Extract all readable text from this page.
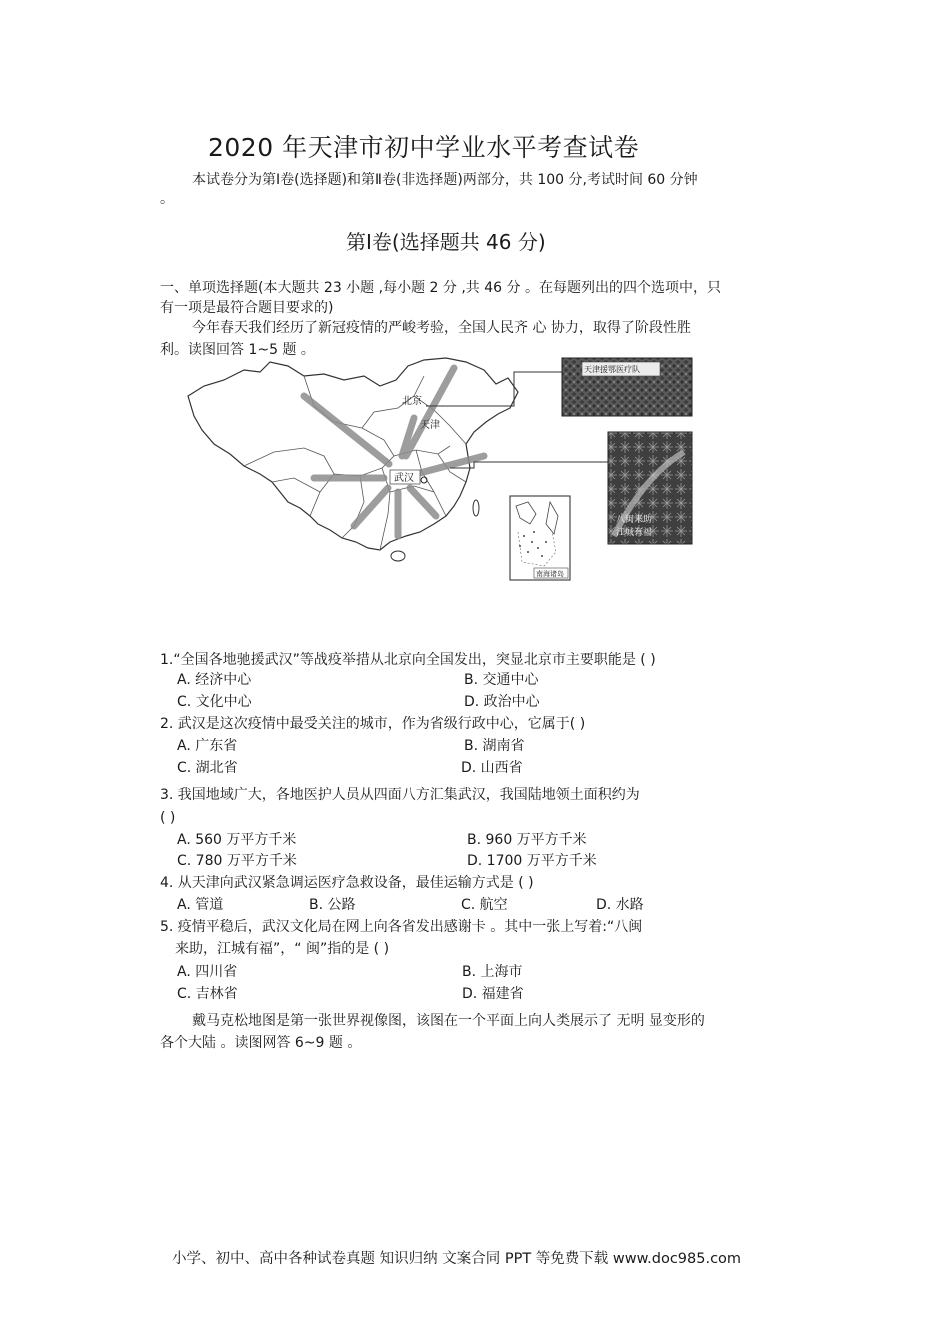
2020 年天津市初中学业水平考查试卷
本试卷分为第Ⅰ卷(选择题)和第Ⅱ卷(非选择题)两部分，共 100 分,考试时间 60 分钟
。
第Ⅰ卷(选择题共 46 分)
一、单项选择题(本大题共 23 小题 ,每小题 2 分 ,共 46 分 。在每题列出的四个选项中，只
有一项是最符合题目要求的)
今年春天我们经历了新冠疫情的严峻考验，全国人民齐 心 协力，取得了阶段性胜
利。读图回答 1~5 题 。
北京
天津
武汉
天津援鄂医疗队
八闽来助
江城有福
南海诸岛
1.“全国各地驰援武汉”等战疫举措从北京向全国发出，突显北京市主要职能是 ( )
A. 经济中心	B. 交通中心
C. 文化中心	D. 政治中心
2. 武汉是这次疫情中最受关注的城市，作为省级行政中心，它属于( )
A. 广东省	B. 湖南省
C. 湖北省	D. 山西省
3. 我国地域广大，各地医护人员从四面八方汇集武汉，我国陆地领土面积约为
( )
A. 560 万平方千米	B. 960 万平方千米
C. 780 万平方千米	D. 1700 万平方千米
4. 从天津向武汉紧急调运医疗急救设备，最佳运输方式是 ( )
A. 管道	B. 公路	C. 航空	D. 水路
5. 疫情平稳后，武汉文化局在网上向各省发出感谢卡 。其中一张上写着:“八闽
来助，江城有福”，“ 闽”指的是 ( )
A. 四川省	B. 上海市
C. 吉林省	D. 福建省
戴马克松地图是第一张世界视像图，该图在一个平面上向人类展示了 无明 显变形的
各个大陆 。读图网答 6~9 题 。
小学、初中、高中各种试卷真题 知识归纳 文案合同 PPT 等免费下载 www.doc985.com
